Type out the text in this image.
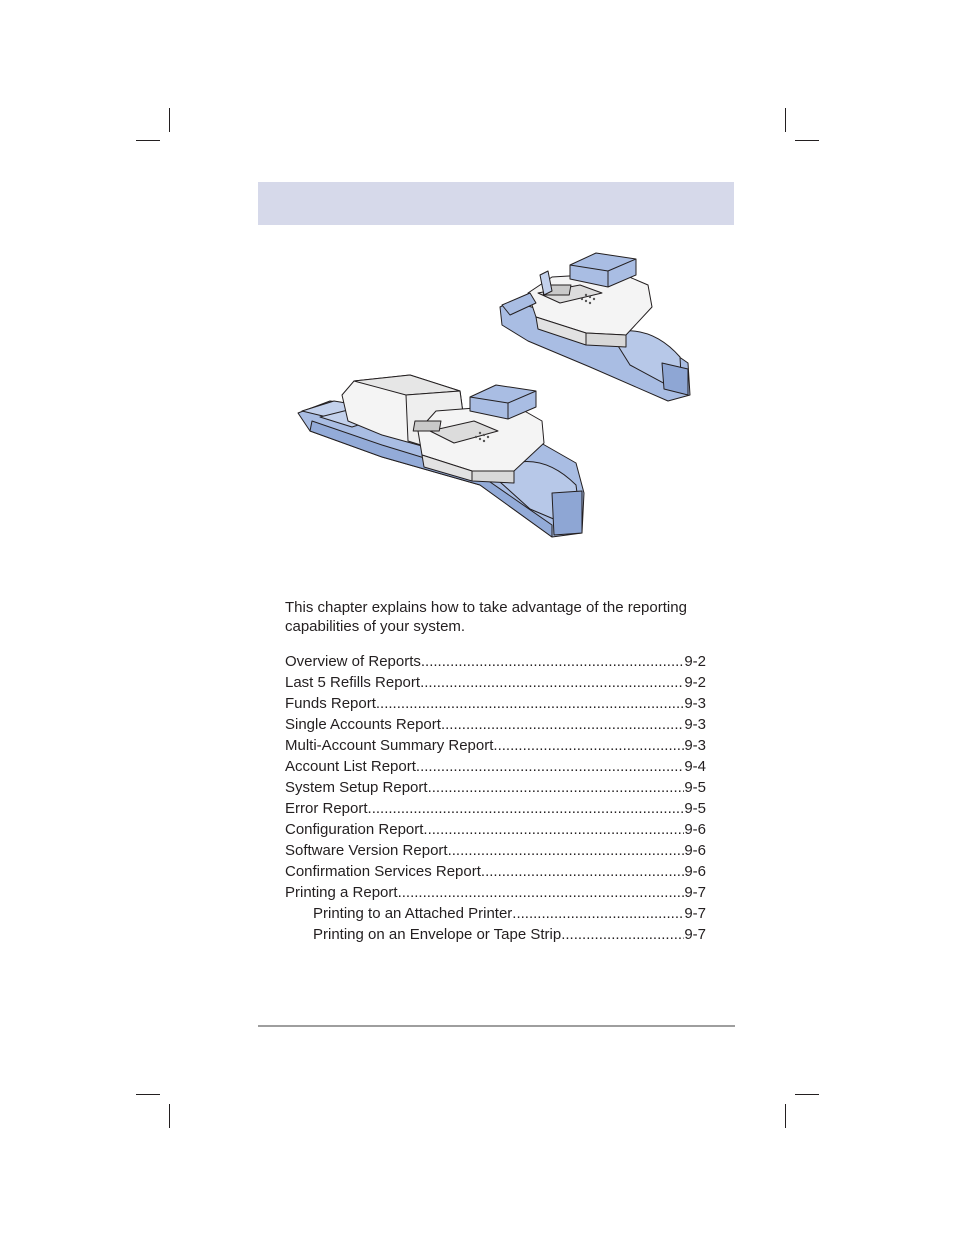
This chapter explains how to take advantage of the reporting capabilities of your system.
Overview of Reports .....	9-2
Last 5 Refills Report .....	9-2
Funds Report .....	9-3
Single Accounts Report .....	9-3
Multi-Account Summary Report .....	9-3
Account List Report .....	9-4
System Setup Report .....	9-5
Error Report .....	9-5
Configuration Report .....	9-6
Software Version Report .....	9-6
Confirmation Services Report .....	9-6
Printing a Report .....	9-7
Printing to an Attached Printer .....	9-7
Printing on an Envelope or Tape Strip .....	9-7
